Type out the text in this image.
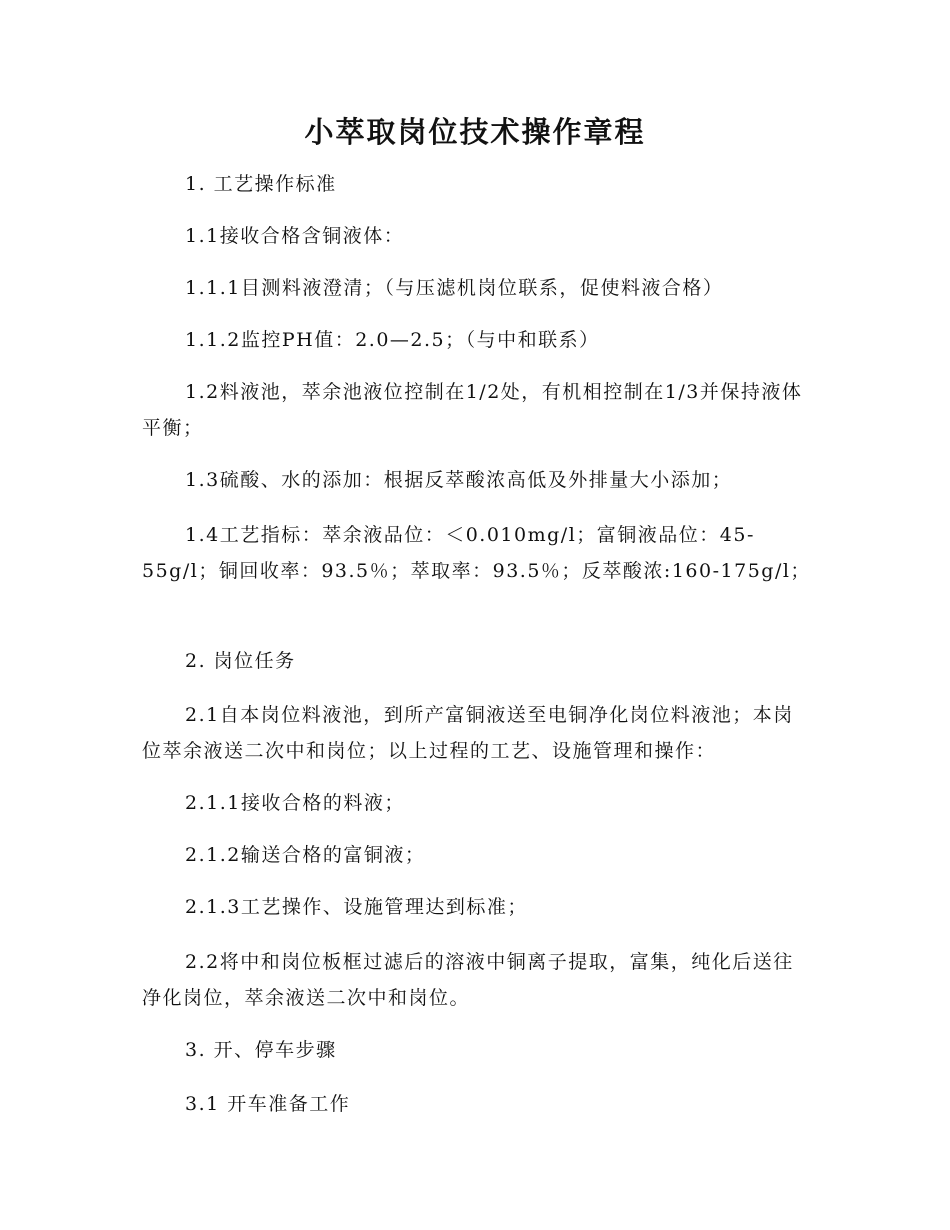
小萃取岗位技术操作章程
1. 工艺操作标准
1.1接收合格含铜液体：
1.1.1目测料液澄清；（与压滤机岗位联系，促使料液合格）
1.1.2监控PH值：2.0—2.5；（与中和联系）
1.2料液池，萃余池液位控制在1/2处，有机相控制在1/3并保持液体平衡；
1.3硫酸、水的添加：根据反萃酸浓高低及外排量大小添加；
1.4工艺指标：萃余液品位：＜0.010mg/l；富铜液品位：45-55g/l；铜回收率：93.5％；萃取率：93.5％；反萃酸浓:160-175g/l；
2. 岗位任务
2.1自本岗位料液池，到所产富铜液送至电铜净化岗位料液池；本岗位萃余液送二次中和岗位；以上过程的工艺、设施管理和操作：
2.1.1接收合格的料液；
2.1.2输送合格的富铜液；
2.1.3工艺操作、设施管理达到标准；
2.2将中和岗位板框过滤后的溶液中铜离子提取，富集，纯化后送往净化岗位，萃余液送二次中和岗位。
3. 开、停车步骤
3.1 开车准备工作
